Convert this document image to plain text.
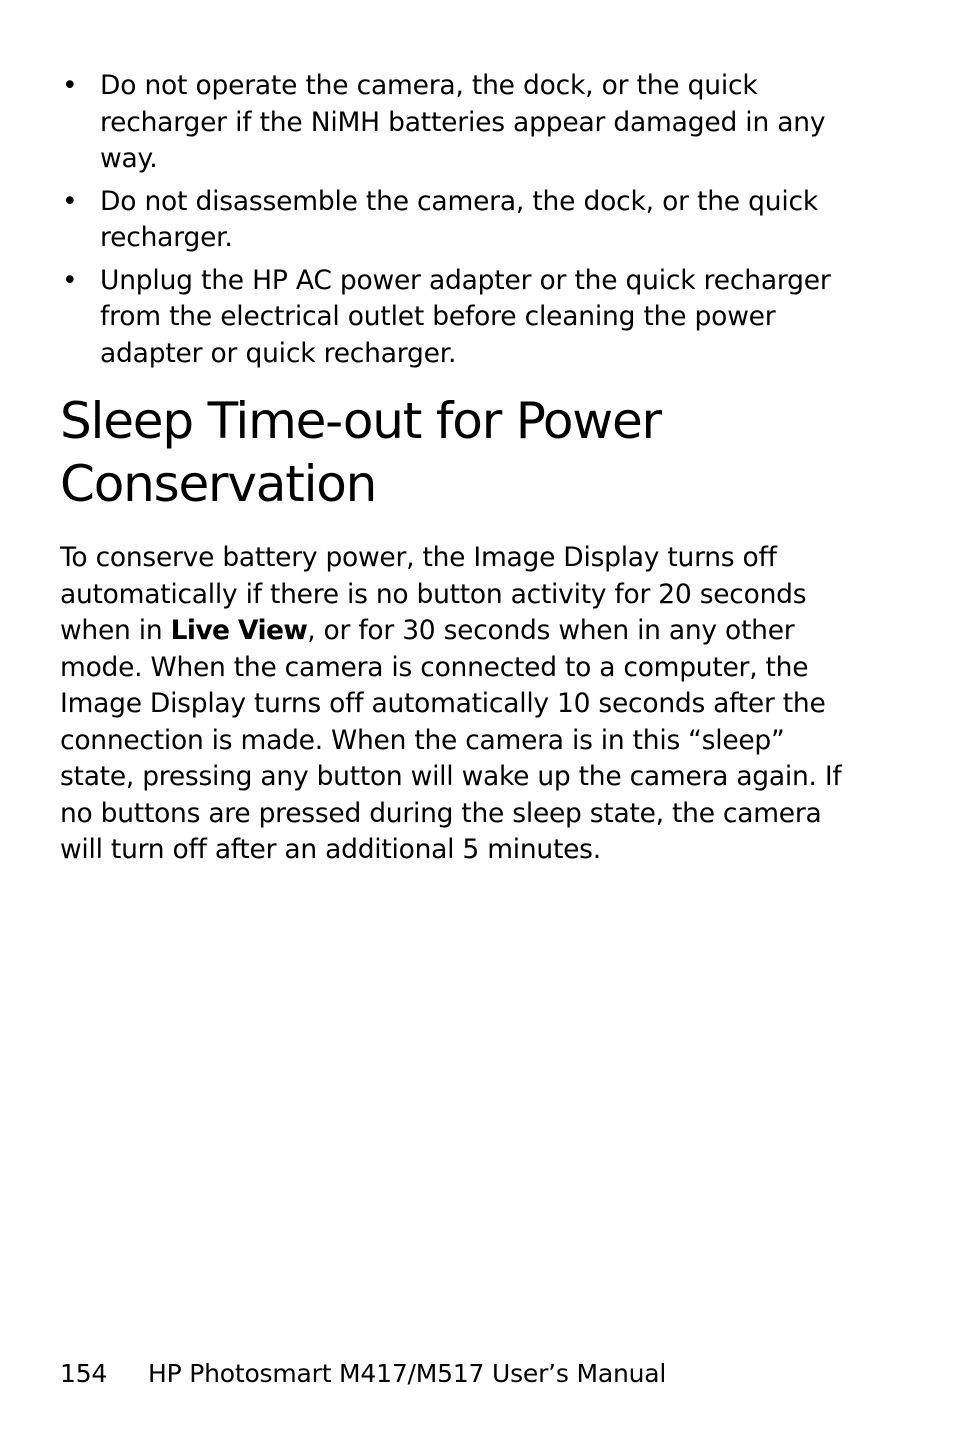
• Do not operate the camera, the dock, or the quick recharger if the NiMH batteries appear damaged in any way.
• Do not disassemble the camera, the dock, or the quick recharger.
• Unplug the HP AC power adapter or the quick recharger from the electrical outlet before cleaning the power adapter or quick recharger.
Sleep Time-out for Power
Conservation

To conserve battery power, the Image Display turns off automatically if there is no button activity for 20 seconds when in Live View, or for 30 seconds when in any other mode. When the camera is connected to a computer, the Image Display turns off automatically 10 seconds after the connection is made. When the camera is in this “sleep” state, pressing any button will wake up the camera again. If no buttons are pressed during the sleep state, the camera will turn off after an additional 5 minutes.

154 HP Photosmart M417/M517 User’s Manual
